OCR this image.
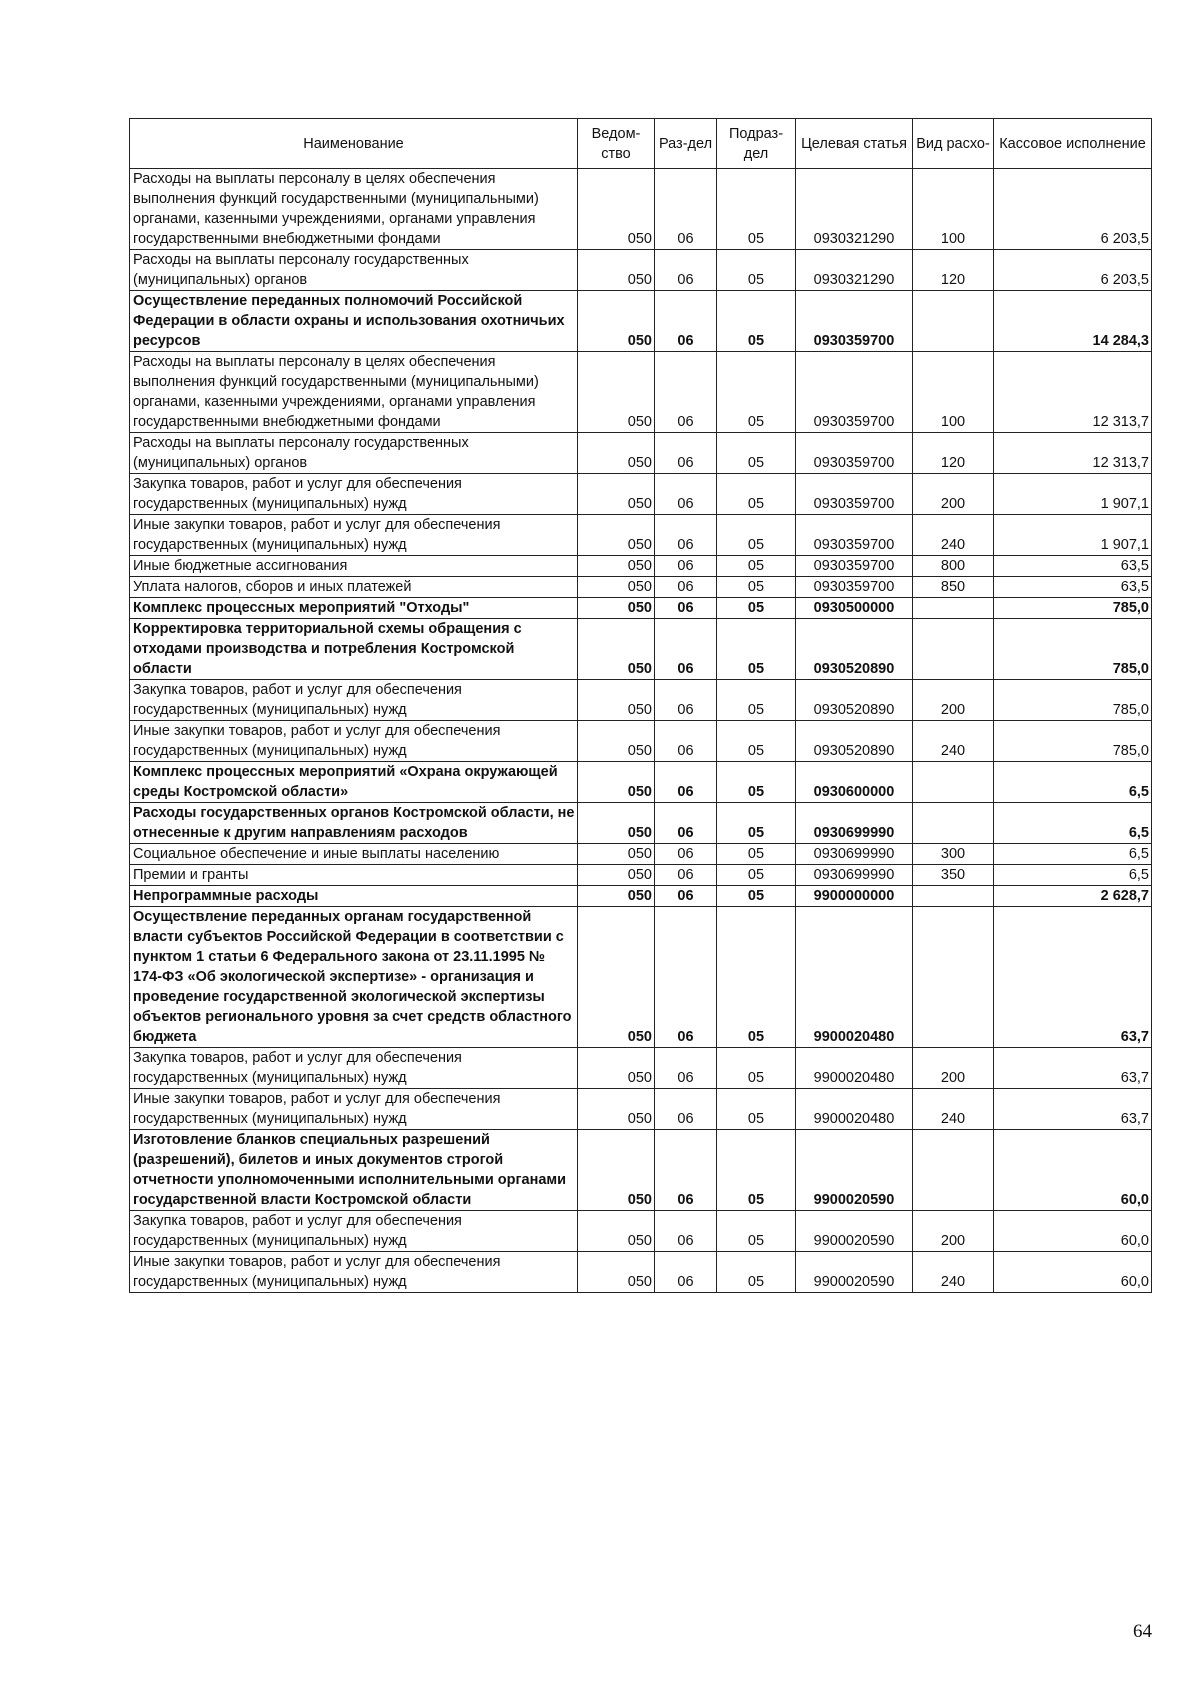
Наименование	Ведом-ство	Раз-дел	Подраз-дел	Целевая статья	Вид расхо-	Кассовое исполнение
Расходы на выплаты персоналу в целях обеспечения выполнения функций государственными (муниципальными) органами, казенными учреждениями, органами управления государственными внебюджетными фондами	050	06	05	0930321290	100	6 203,5
Расходы на выплаты персоналу государственных (муниципальных) органов	050	06	05	0930321290	120	6 203,5
Осуществление переданных полномочий Российской Федерации в области охраны и использования охотничьих ресурсов	050	06	05	0930359700		14 284,3
Расходы на выплаты персоналу в целях обеспечения выполнения функций государственными (муниципальными) органами, казенными учреждениями, органами управления государственными внебюджетными фондами	050	06	05	0930359700	100	12 313,7
Расходы на выплаты персоналу государственных (муниципальных) органов	050	06	05	0930359700	120	12 313,7
Закупка товаров, работ и услуг для обеспечения государственных (муниципальных) нужд	050	06	05	0930359700	200	1 907,1
Иные закупки товаров, работ и услуг для обеспечения государственных (муниципальных) нужд	050	06	05	0930359700	240	1 907,1
Иные бюджетные ассигнования	050	06	05	0930359700	800	63,5
Уплата налогов, сборов и иных платежей	050	06	05	0930359700	850	63,5
Комплекс процессных мероприятий "Отходы"	050	06	05	0930500000		785,0
Корректировка территориальной схемы обращения с отходами производства и потребления Костромской области	050	06	05	0930520890		785,0
Закупка товаров, работ и услуг для обеспечения государственных (муниципальных) нужд	050	06	05	0930520890	200	785,0
Иные закупки товаров, работ и услуг для обеспечения государственных (муниципальных) нужд	050	06	05	0930520890	240	785,0
Комплекс процессных мероприятий «Охрана окружающей среды Костромской области»	050	06	05	0930600000		6,5
Расходы государственных органов Костромской области, не отнесенные к другим направлениям расходов	050	06	05	0930699990		6,5
Социальное обеспечение и иные выплаты населению	050	06	05	0930699990	300	6,5
Премии и гранты	050	06	05	0930699990	350	6,5
Непрограммные расходы	050	06	05	9900000000		2 628,7
Осуществление переданных органам государственной власти субъектов Российской Федерации в соответствии с пунктом 1 статьи 6 Федерального закона от 23.11.1995 № 174-ФЗ «Об экологической экспертизе» - организация и проведение государственной экологической экспертизы объектов регионального уровня за счет средств областного бюджета	050	06	05	9900020480		63,7
Закупка товаров, работ и услуг для обеспечения государственных (муниципальных) нужд	050	06	05	9900020480	200	63,7
Иные закупки товаров, работ и услуг для обеспечения государственных (муниципальных) нужд	050	06	05	9900020480	240	63,7
Изготовление бланков специальных разрешений (разрешений), билетов и иных документов строгой отчетности уполномоченными исполнительными органами государственной власти Костромской области	050	06	05	9900020590		60,0
Закупка товаров, работ и услуг для обеспечения государственных (муниципальных) нужд	050	06	05	9900020590	200	60,0
Иные закупки товаров, работ и услуг для обеспечения государственных (муниципальных) нужд	050	06	05	9900020590	240	60,0
64
